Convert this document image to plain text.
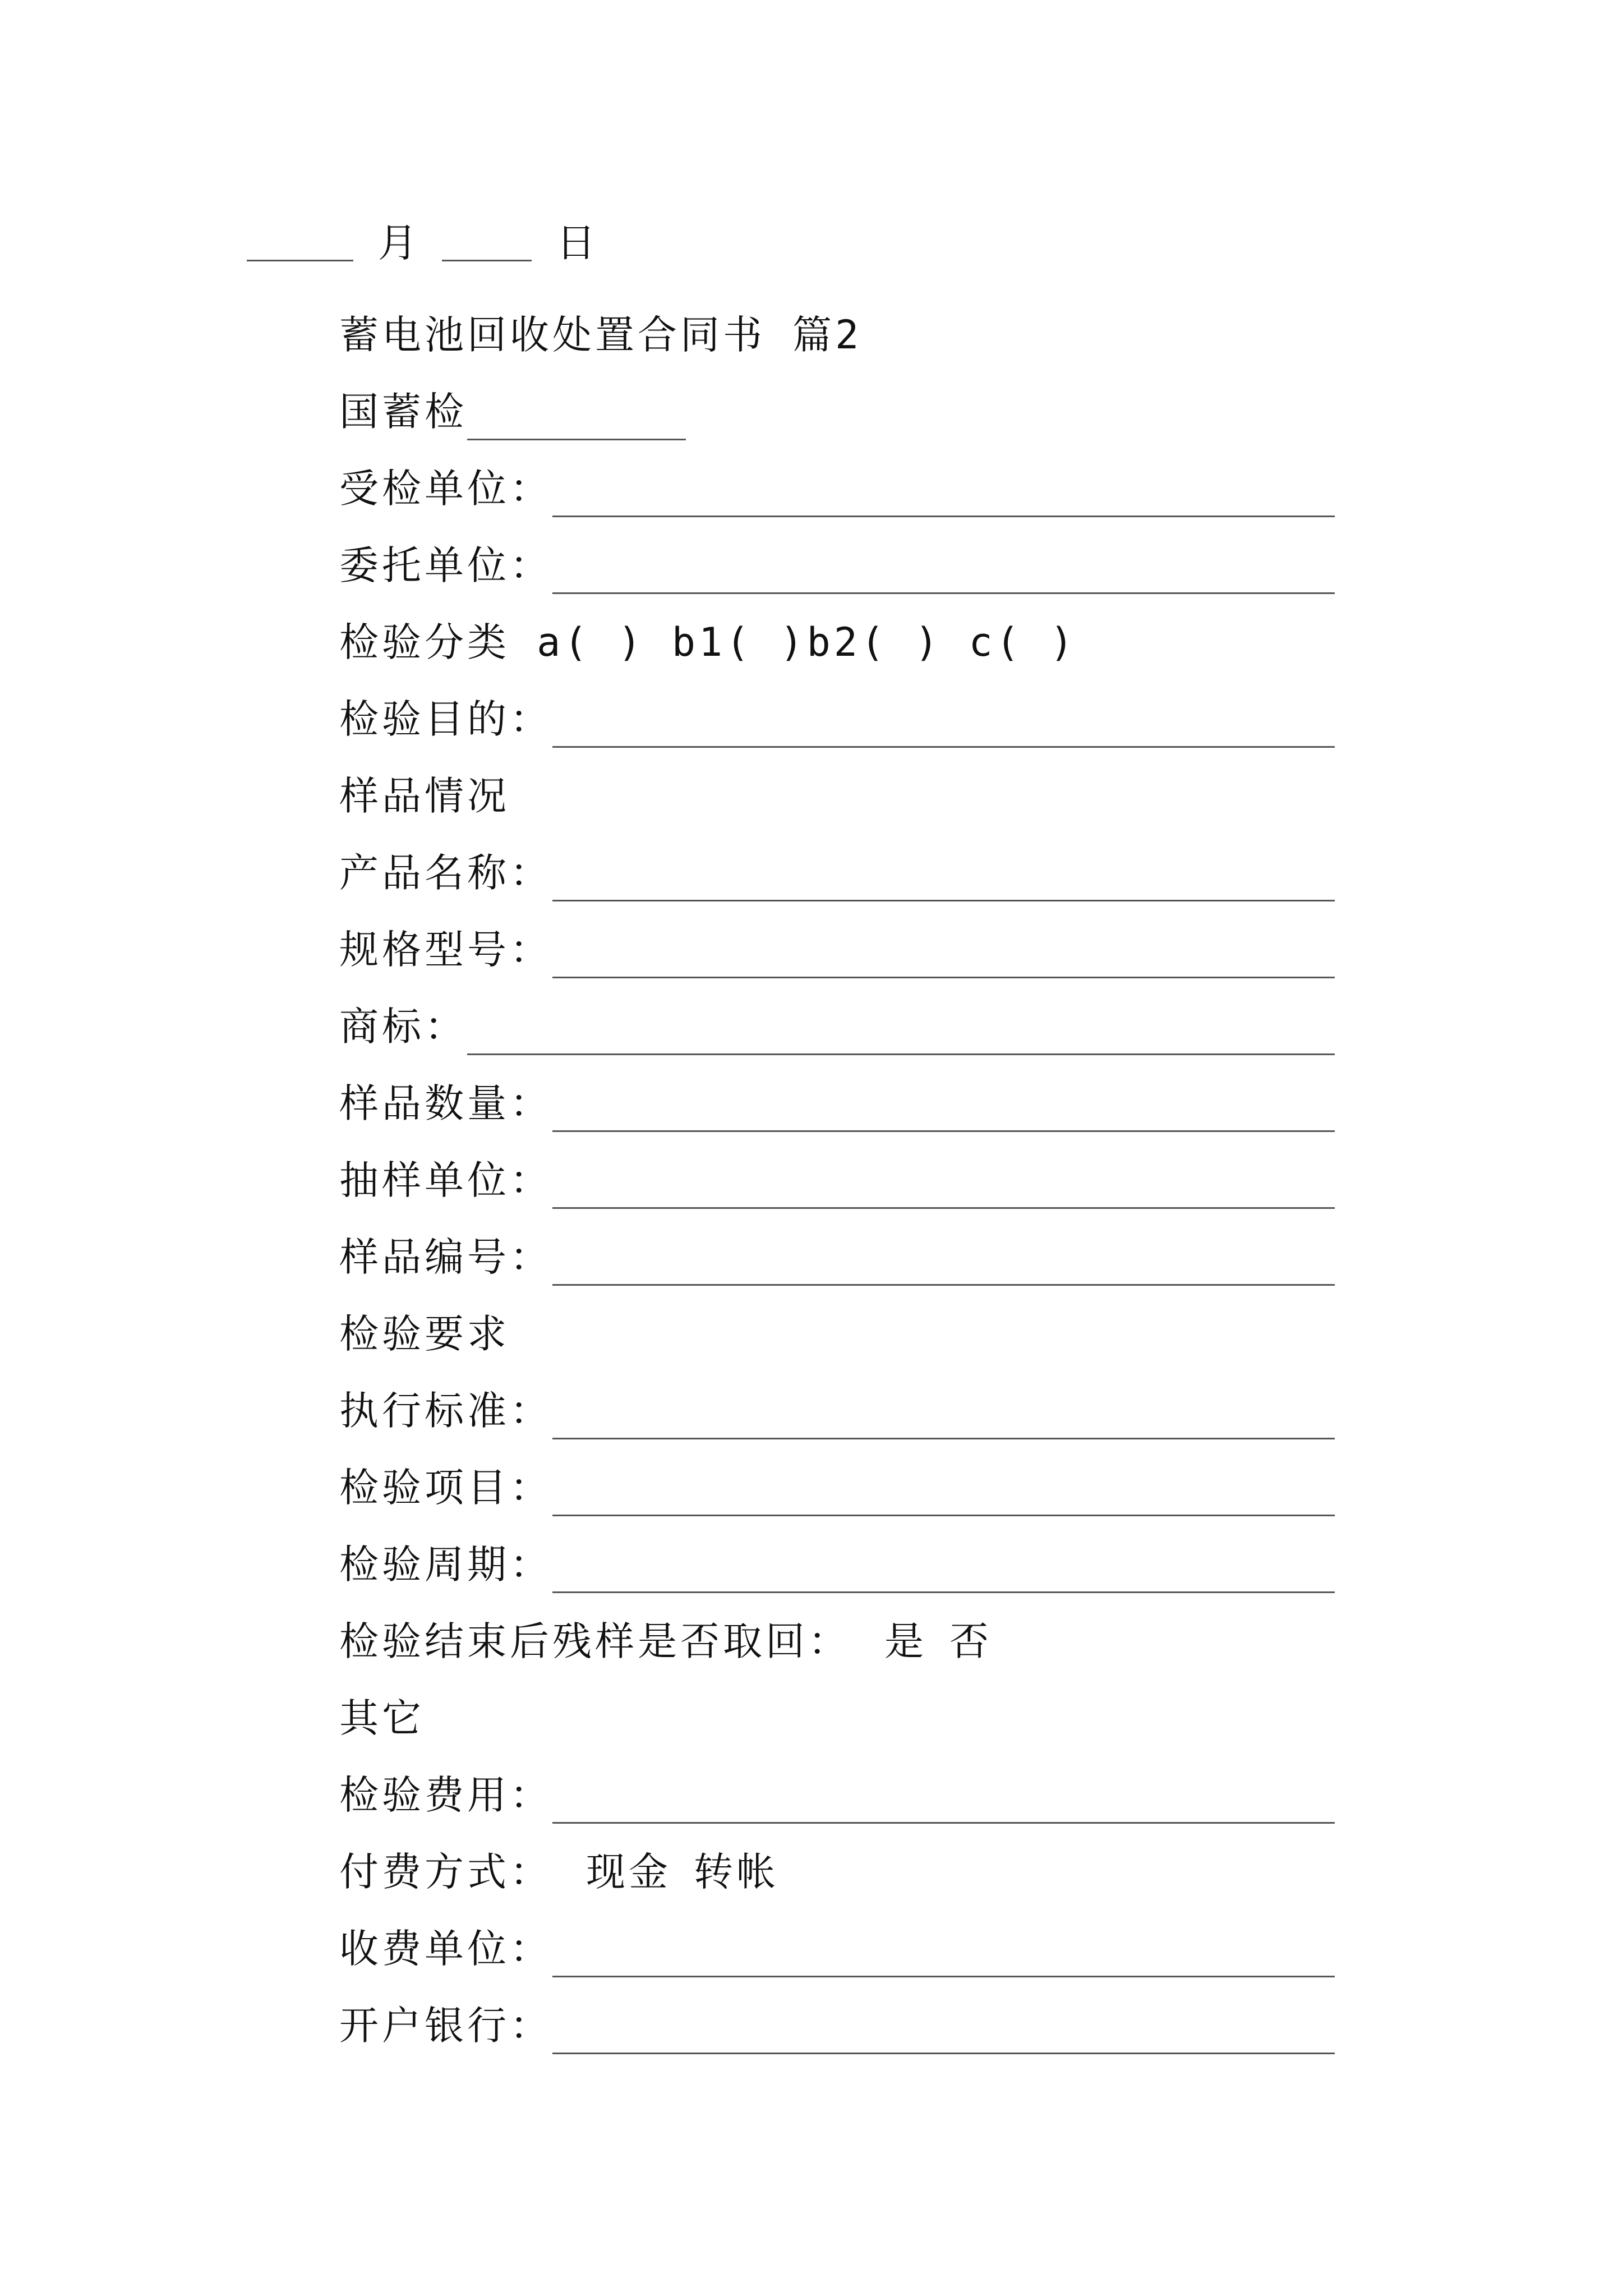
月	日
蓄电池回收处置合同书 篇2
国蓄检
受检单位：
委托单位：
检验分类 a( ) b1( )b2( ) c( )
检验目的：
样品情况
产品名称：
规格型号：
商标：
样品数量：
抽样单位：
样品编号：
检验要求
执行标准：
检验项目：
检验周期：
检验结束后残样是否取回： 是 否
其它
检验费用：
付费方式： 现金 转帐
收费单位：
开户银行：
